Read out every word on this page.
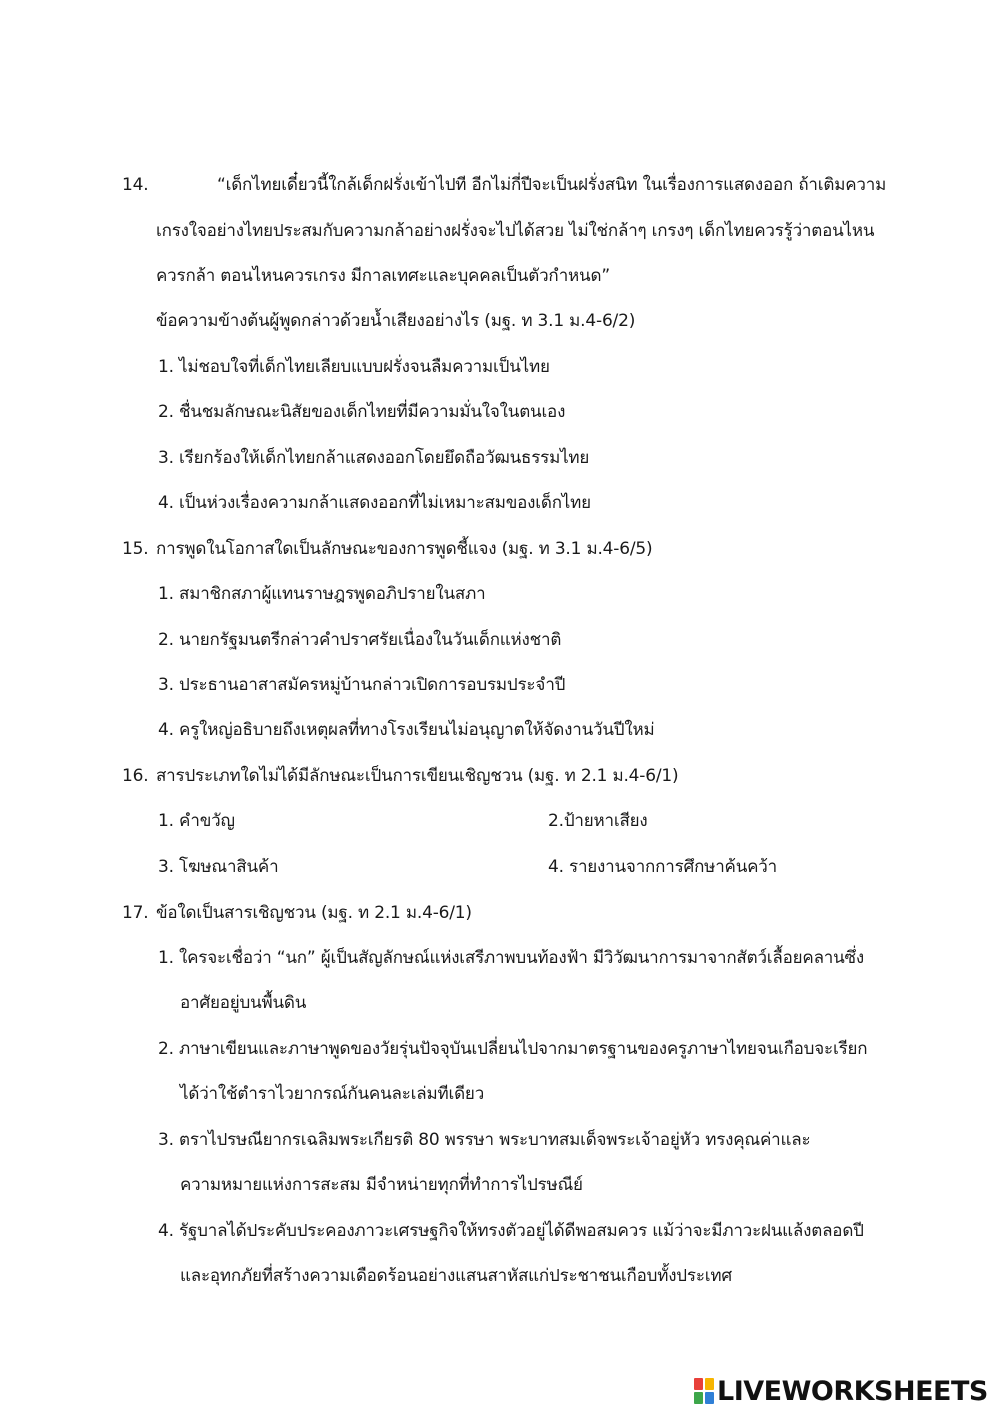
14.	“เด็กไทยเดี๋ยวนี้ใกล้เด็กฝรั่งเข้าไปที อีกไม่กี่ปีจะเป็นฝรั่งสนิท ในเรื่องการแสดงออก ถ้าเติมความ
เกรงใจอย่างไทยประสมกับความกล้าอย่างฝรั่งจะไปได้สวย ไม่ใช่กล้าๆ เกรงๆ เด็กไทยควรรู้ว่าตอนไหน
ควรกล้า ตอนไหนควรเกรง มีกาลเทศะและบุคคลเป็นตัวกำหนด”
ข้อความข้างต้นผู้พูดกล่าวด้วยน้ำเสียงอย่างไร (มฐ. ท 3.1 ม.4-6/2)
1. ไม่ชอบใจที่เด็กไทยเลียบแบบฝรั่งจนลืมความเป็นไทย
2. ชื่นชมลักษณะนิสัยของเด็กไทยที่มีความมั่นใจในตนเอง
3. เรียกร้องให้เด็กไทยกล้าแสดงออกโดยยึดถือวัฒนธรรมไทย
4. เป็นห่วงเรื่องความกล้าแสดงออกที่ไม่เหมาะสมของเด็กไทย
15. การพูดในโอกาสใดเป็นลักษณะของการพูดชี้แจง (มฐ. ท 3.1 ม.4-6/5)
1. สมาชิกสภาผู้แทนราษฎรพูดอภิปรายในสภา
2. นายกรัฐมนตรีกล่าวคำปราศรัยเนื่องในวันเด็กแห่งชาติ
3. ประธานอาสาสมัครหมู่บ้านกล่าวเปิดการอบรมประจำปี
4. ครูใหญ่อธิบายถึงเหตุผลที่ทางโรงเรียนไม่อนุญาตให้จัดงานวันปีใหม่
16. สารประเภทใดไม่ได้มีลักษณะเป็นการเขียนเชิญชวน (มฐ. ท 2.1 ม.4-6/1)
1. คำขวัญ	2.ป้ายหาเสียง
3. โฆษณาสินค้า	4. รายงานจากการศึกษาค้นคว้า
17. ข้อใดเป็นสารเชิญชวน (มฐ. ท 2.1 ม.4-6/1)
1. ใครจะเชื่อว่า “นก” ผู้เป็นสัญลักษณ์แห่งเสรีภาพบนท้องฟ้า มีวิวัฒนาการมาจากสัตว์เลื้อยคลานซึ่ง
อาศัยอยู่บนพื้นดิน
2. ภาษาเขียนและภาษาพูดของวัยรุ่นปัจจุบันเปลี่ยนไปจากมาตรฐานของครูภาษาไทยจนเกือบจะเรียก
ได้ว่าใช้ตำราไวยากรณ์กันคนละเล่มทีเดียว
3. ตราไปรษณียากรเฉลิมพระเกียรติ 80 พรรษา พระบาทสมเด็จพระเจ้าอยู่หัว ทรงคุณค่าและ
ความหมายแห่งการสะสม มีจำหน่ายทุกที่ทำการไปรษณีย์
4. รัฐบาลได้ประคับประคองภาวะเศรษฐกิจให้ทรงตัวอยู่ได้ดีพอสมควร แม้ว่าจะมีภาวะฝนแล้งตลอดปี
และอุทกภัยที่สร้างความเดือดร้อนอย่างแสนสาหัสแก่ประชาชนเกือบทั้งประเทศ
LIVEWORKSHEETS
